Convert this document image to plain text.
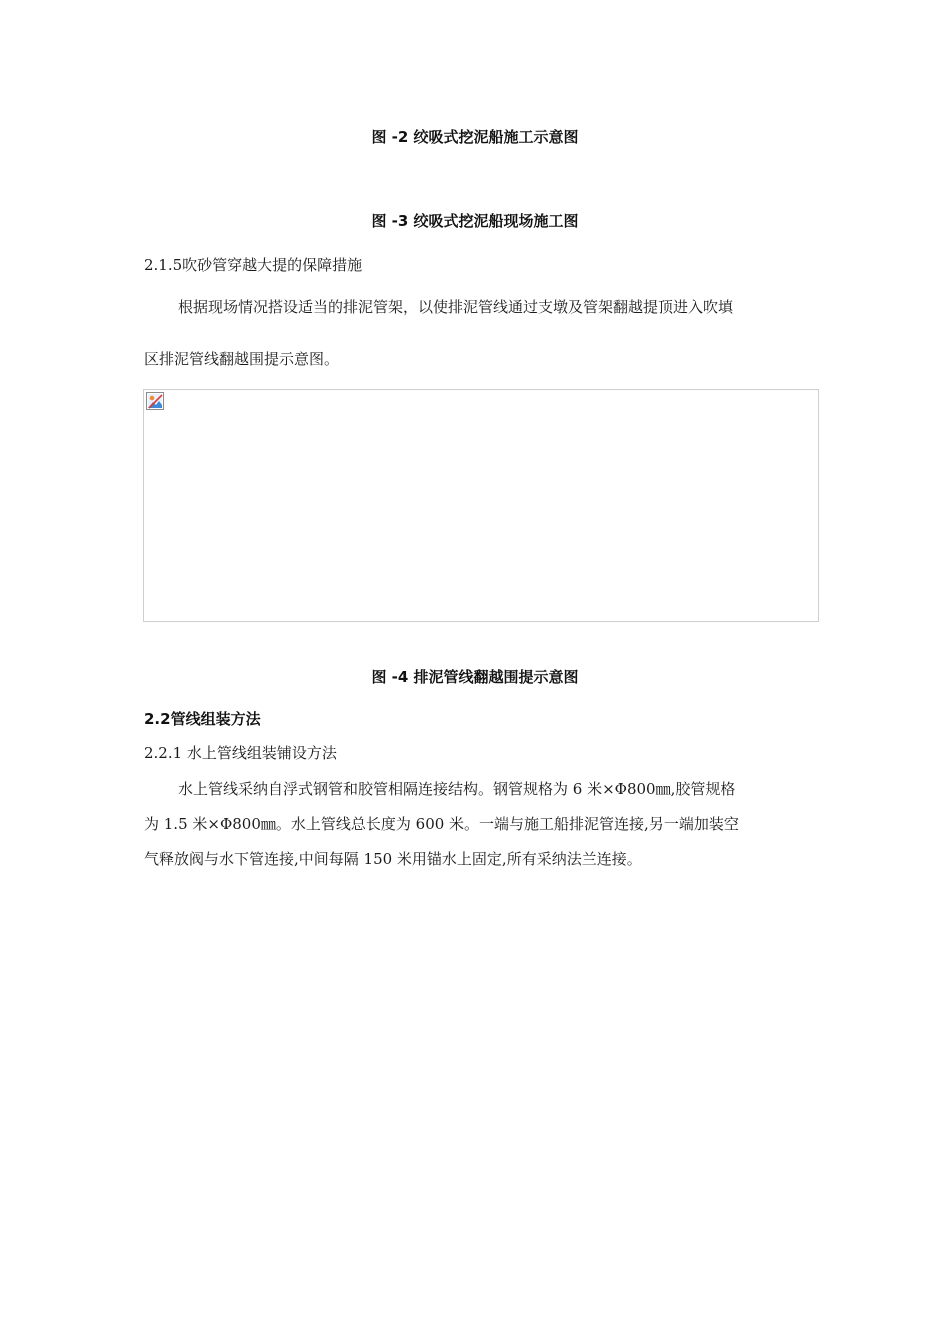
图 -2 绞吸式挖泥船施工示意图
图 -3 绞吸式挖泥船现场施工图
2.1.5吹砂管穿越大提的保障措施
根据现场情况搭设适当的排泥管架，以使排泥管线通过支墩及管架翻越提顶进入吹填
区排泥管线翻越围提示意图。
图 -4 排泥管线翻越围提示意图
2.2管线组装方法
2.2.1 水上管线组装铺设方法
水上管线采纳自浮式钢管和胶管相隔连接结构。钢管规格为 6 米×Φ800㎜,胶管规格
为 1.5 米×Φ800㎜。水上管线总长度为 600 米。一端与施工船排泥管连接,另一端加装空
气释放阀与水下管连接,中间每隔 150 米用锚水上固定,所有采纳法兰连接。
